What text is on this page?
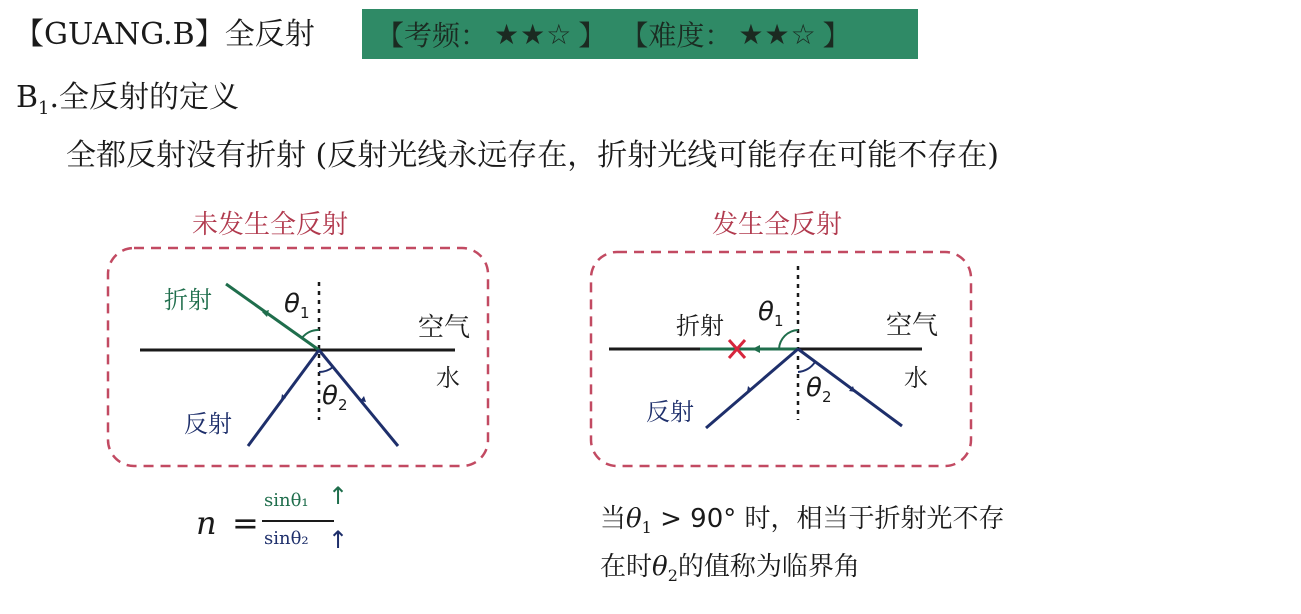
【GUANG.B】全反射 【考频： ★★☆ 】 【难度： ★★☆ 】
$B_1$.全反射的定义
全都反射没有折射 (反射光线永远存在，折射光线可能存在可能不存在)
未发生全反射	发生全反射
折射
反射
空气
水
θ 1
θ 2
折射
反射
空气
水
θ 1
θ 2
n =
sinθ₁
sinθ₂
↑
↑
当$\theta_1 > 90^\circ$ 时，相当于折射光不存
在时$\theta_2$的值称为临界角
